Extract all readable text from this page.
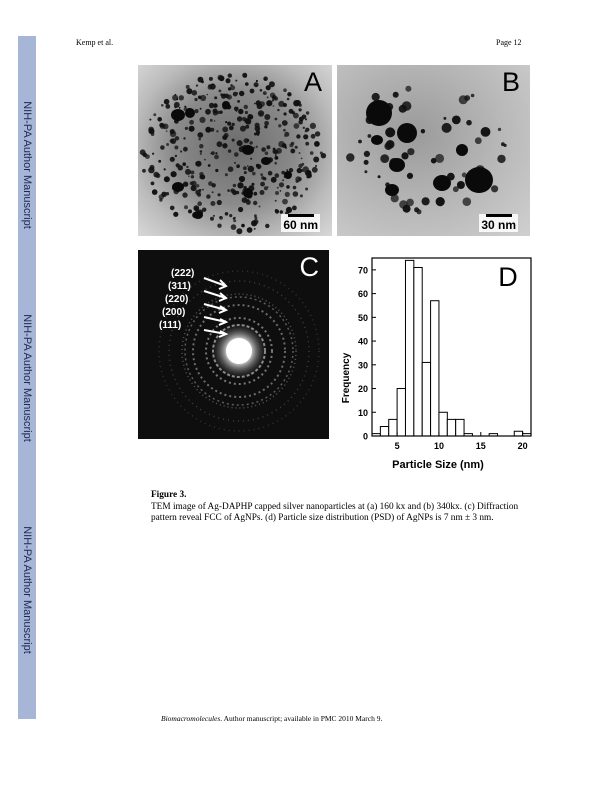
NIH-PA Author Manuscript
NIH-PA Author Manuscript
NIH-PA Author Manuscript
Kemp et al.	Page 12
A
60 nm
B
30 nm
(222)
(311)
(220)
(200)
(111)
C
0
10
20
30
40
50
60
70
5	10	15	20
D
Particle Size (nm)
Frequency
Figure 3.
TEM image of Ag-DAPHP capped silver nanoparticles at (a) 160 kx and (b) 340kx. (c) Diffraction pattern reveal FCC of AgNPs. (d) Particle size distribution (PSD) of AgNPs is 7 nm ± 3 nm.
Biomacromolecules. Author manuscript; available in PMC 2010 March 9.
